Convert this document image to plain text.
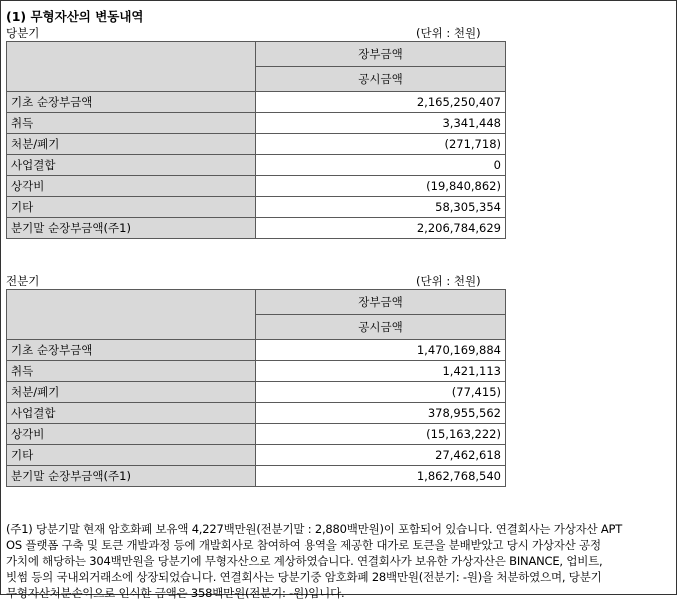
(1) 무형자산의 변동내역
당분기	(단위 : 천원)
	장부금액
	공시금액
기초 순장부금액	2,165,250,407
취득	3,341,448
처분/폐기	(271,718)
사업결합	0
상각비	(19,840,862)
기타	58,305,354
분기말 순장부금액(주1)	2,206,784,629
전분기	(단위 : 천원)
	장부금액
	공시금액
기초 순장부금액	1,470,169,884
취득	1,421,113
처분/폐기	(77,415)
사업결합	378,955,562
상각비	(15,163,222)
기타	27,462,618
분기말 순장부금액(주1)	1,862,768,540
(주1) 당분기말 현재 암호화폐 보유액 4,227백만원(전분기말 : 2,880백만원)이 포함되어 있습니다. 연결회사는 가상자산 APT
OS 플랫폼 구축 및 토큰 개발과정 등에 개발회사로 참여하여 용역을 제공한 대가로 토큰을 분배받았고 당시 가상자산 공정
가치에 해당하는 304백만원을 당분기에 무형자산으로 계상하였습니다. 연결회사가 보유한 가상자산은 BINANCE, 업비트,
빗썸 등의 국내외거래소에 상장되었습니다. 연결회사는 당분기중 암호화폐 28백만원(전분기: -원)을 처분하였으며, 당분기
무형자산처분손익으로 인식한 금액은 358백만원(전분기: -원)입니다.
